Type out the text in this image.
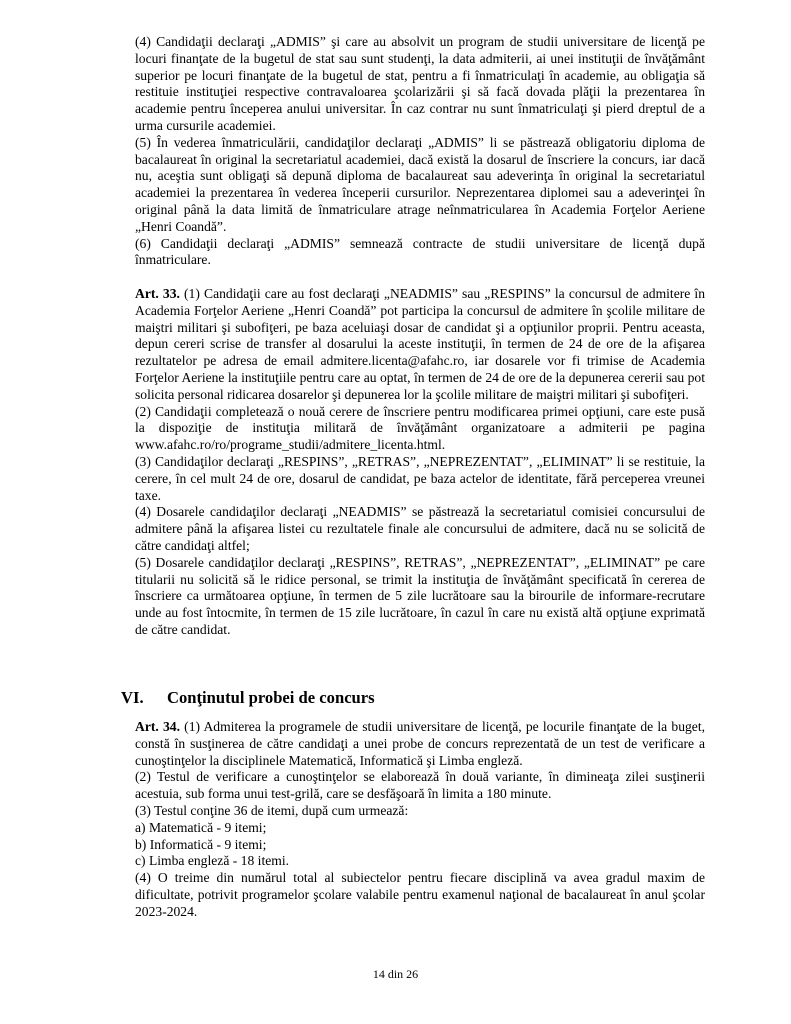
(4) Candidaţii declaraţi „ADMIS” şi care au absolvit un program de studii universitare de licenţă pe locuri finanţate de la bugetul de stat sau sunt studenţi, la data admiterii, ai unei instituţii de învăţământ superior pe locuri finanţate de la bugetul de stat, pentru a fi înmatriculaţi în academie, au obligaţia să restituie instituţiei respective contravaloarea şcolarizării şi să facă dovada plăţii la prezentarea în academie pentru începerea anului universitar. În caz contrar nu sunt înmatriculaţi şi pierd dreptul de a urma cursurile academiei.

(5) În vederea înmatriculării, candidaţilor declaraţi „ADMIS” li se păstrează obligatoriu diploma de bacalaureat în original la secretariatul academiei, dacă există la dosarul de înscriere la concurs, iar dacă nu, aceştia sunt obligaţi să depună diploma de bacalaureat sau adeverinţa în original la secretariatul academiei la prezentarea în vederea începerii cursurilor. Neprezentarea diplomei sau a adeverinţei în original până la data limită de înmatriculare atrage neînmatricularea în Academia Forţelor Aeriene „Henri Coandă”.

(6) Candidaţii declaraţi „ADMIS” semnează contracte de studii universitare de licenţă după înmatriculare.

Art. 33. (1) Candidaţii care au fost declaraţi „NEADMIS” sau „RESPINS” la concursul de admitere în Academia Forţelor Aeriene „Henri Coandă” pot participa la concursul de admitere în şcolile militare de maiştri militari şi subofiţeri, pe baza aceluiaşi dosar de candidat şi a opţiunilor proprii. Pentru aceasta, depun cereri scrise de transfer al dosarului la aceste instituţii, în termen de 24 de ore de la afişarea rezultatelor pe adresa de email admitere.licenta@afahc.ro, iar dosarele vor fi trimise de Academia Forţelor Aeriene la instituţiile pentru care au optat, în termen de 24 de ore de la depunerea cererii sau pot solicita personal ridicarea dosarelor şi depunerea lor la şcolile militare de maiştri militari şi subofiţeri.

(2) Candidaţii completează o nouă cerere de înscriere pentru modificarea primei opţiuni, care este pusă la dispoziţie de instituţia militară de învăţământ organizatoare a admiterii pe pagina www.afahc.ro/ro/programe_studii/admitere_licenta.html.

(3) Candidaţilor declaraţi „RESPINS”, „RETRAS”, „NEPREZENTAT”, „ELIMINAT” li se restituie, la cerere, în cel mult 24 de ore, dosarul de candidat, pe baza actelor de identitate, fără perceperea vreunei taxe.

(4) Dosarele candidaţilor declaraţi „NEADMIS” se păstrează la secretariatul comisiei concursului de admitere până la afişarea listei cu rezultatele finale ale concursului de admitere, dacă nu se solicită de către candidaţi altfel;

(5) Dosarele candidaţilor declaraţi „RESPINS”, RETRAS”, „NEPREZENTAT”, „ELIMINAT” pe care titularii nu solicită să le ridice personal, se trimit la instituţia de învăţământ specificată în cererea de înscriere ca următoarea opţiune, în termen de 5 zile lucrătoare sau la birourile de informare-recrutare unde au fost întocmite, în termen de 15 zile lucrătoare, în cazul în care nu există altă opţiune exprimată de către candidat.

VI. Conţinutul probei de concurs

Art. 34. (1) Admiterea la programele de studii universitare de licenţă, pe locurile finanţate de la buget, constă în susţinerea de către candidaţi a unei probe de concurs reprezentată de un test de verificare a cunoştinţelor la disciplinele Matematică, Informatică şi Limba engleză.

(2) Testul de verificare a cunoştinţelor se elaborează în două variante, în dimineaţa zilei susţinerii acestuia, sub forma unui test-grilă, care se desfăşoară în limita a 180 minute.

(3) Testul conţine 36 de itemi, după cum urmează:

a) Matematică - 9 itemi;

b) Informatică - 9 itemi;

c) Limba engleză - 18 itemi.

(4) O treime din numărul total al subiectelor pentru fiecare disciplină va avea gradul maxim de dificultate, potrivit programelor şcolare valabile pentru examenul naţional de bacalaureat în anul şcolar 2023-2024.

14 din 26
